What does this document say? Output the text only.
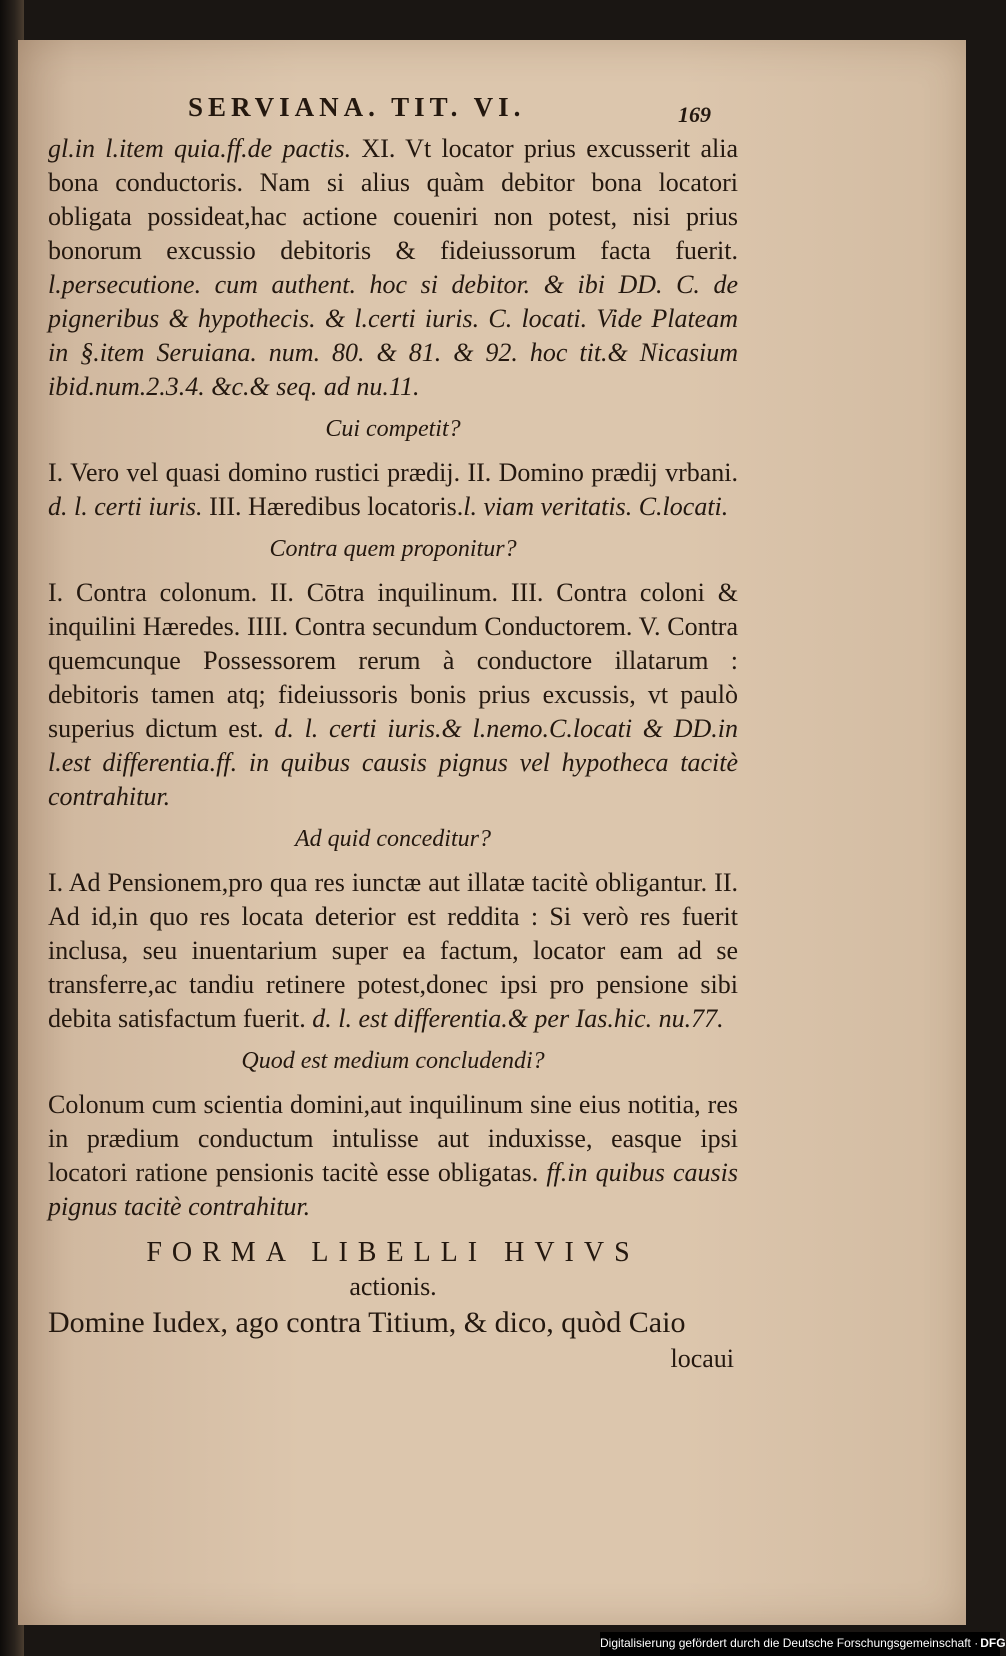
SERVIANA. TIT. VI.	169

gl.in l.item quia.ff.de pactis. XI. Vt locator prius excusserit alia bona conductoris. Nam si alius quàm debitor bona locatori obligata possideat,hac actione coueniri non potest, nisi prius bonorum excussio debitoris & fideiussorum facta fuerit. l.persecutione. cum authent. hoc si debitor. & ibi DD. C. de pigneribus & hypothecis. & l.certi iuris. C. locati. Vide Plateam in §.item Seruiana. num. 80. & 81. & 92. hoc tit.& Nicasium ibid.num.2.3.4. &c.& seq. ad nu.11.

Cui competit?

I. Vero vel quasi domino rustici prædij. II. Domino prædij vrbani. d. l. certi iuris. III. Hæredibus locatoris.l. viam veritatis. C.locati.

Contra quem proponitur?

I. Contra colonum. II. Cōtra inquilinum. III. Contra coloni & inquilini Hæredes. IIII. Contra secundum Conductorem. V. Contra quemcunque Possessorem rerum à conductore illatarum : debitoris tamen atq; fideiussoris bonis prius excussis, vt paulò superius dictum est. d. l. certi iuris.& l.nemo.C.locati & DD.in l.est differentia.ff. in quibus causis pignus vel hypotheca tacitè contrahitur.

Ad quid conceditur?

I. Ad Pensionem,pro qua res iunctæ aut illatæ tacitè obligantur. II. Ad id,in quo res locata deterior est reddita : Si verò res fuerit inclusa, seu inuentarium super ea factum, locator eam ad se transferre,ac tandiu retinere potest,donec ipsi pro pensione sibi debita satisfactum fuerit. d. l. est differentia.& per Ias.hic. nu.77.

Quod est medium concludendi?

Colonum cum scientia domini,aut inquilinum sine eius notitia, res in prædium conductum intulisse aut induxisse, easque ipsi locatori ratione pensionis tacitè esse obligatas. ff.in quibus causis pignus tacitè contrahitur.

FORMA LIBELLI HVIVS
actionis.

Domine Iudex, ago contra Titium, & dico, quòd Caio

locaui
Digitalisierung gefördert durch die Deutsche Forschungsgemeinschaft · DFG
